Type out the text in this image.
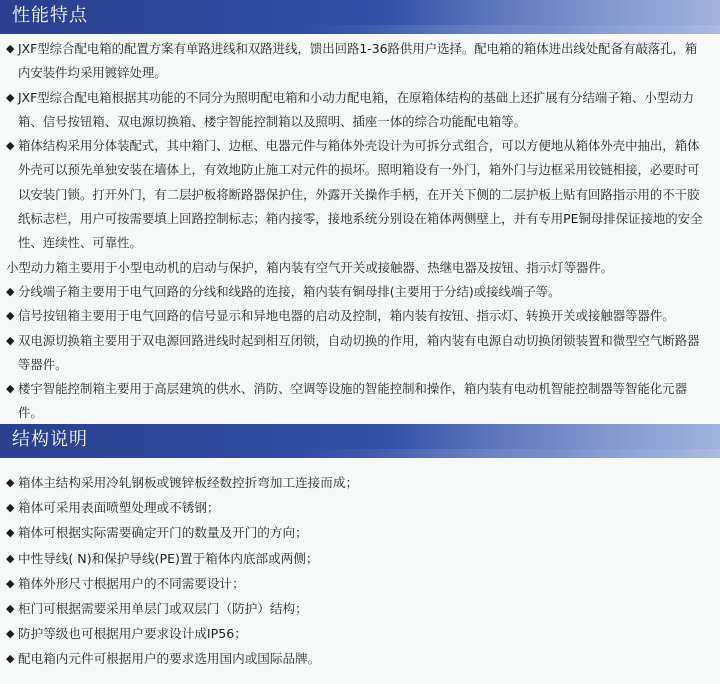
性能特点
◆ JXF型综合配电箱的配置方案有单路进线和双路进线，馈出回路1-36路供用户选择。配电箱的箱体进出线处配备有敲落孔，箱内安装件均采用镀锌处理。
◆ JXF型综合配电箱根据其功能的不同分为照明配电箱和小动力配电箱，在原箱体结构的基础上还扩展有分结端子箱、小型动力箱、信号按钮箱、双电源切换箱、楼宇智能控制箱以及照明、插座一体的综合功能配电箱等。
◆ 箱体结构采用分体装配式，其中箱门、边框、电器元件与箱体外壳设计为可拆分式组合，可以方便地从箱体外壳中抽出，箱体外壳可以预先单独安装在墙体上，有效地防止施工对元件的损坏。照明箱设有一外门，箱外门与边框采用铰链相接，必要时可以安装门锁。打开外门，有二层护板将断路器保护住，外露开关操作手柄，在开关下侧的二层护板上贴有回路指示用的不干胶纸标志栏，用户可按需要填上回路控制标志；箱内接零，接地系统分别设在箱体两侧壁上，并有专用PE铜母排保证接地的安全性、连续性、可靠性。
小型动力箱主要用于小型电动机的启动与保护，箱内装有空气开关或接触器、热继电器及按钮、指示灯等器件。
◆ 分线端子箱主要用于电气回路的分线和线路的连接，箱内装有铜母排(主要用于分结)或接线端子等。
◆ 信号按钮箱主要用于电气回路的信号显示和异地电器的启动及控制，箱内装有按钮、指示灯、转换开关或接触器等器件。
◆ 双电源切换箱主要用于双电源回路进线时起到相互闭锁，自动切换的作用，箱内装有电源自动切换闭锁装置和微型空气断路器等器件。
◆ 楼宇智能控制箱主要用于高层建筑的供水、消防、空调等设施的智能控制和操作，箱内装有电动机智能控制器等智能化元器件。
结构说明
◆ 箱体主结构采用冷轧钢板或镀锌板经数控折弯加工连接而成；
◆ 箱体可采用表面喷塑处理或不锈钢；
◆ 箱体可根据实际需要确定开门的数量及开门的方向；
◆ 中性导线( N)和保护导线(PE)置于箱体内底部或两侧；
◆ 箱体外形尺寸根据用户的不同需要设计；
◆ 柜门可根据需要采用单层门或双层门（防护）结构；
◆ 防护等级也可根据用户要求设计成IP56；
◆ 配电箱内元件可根据用户的要求选用国内或国际品牌。
